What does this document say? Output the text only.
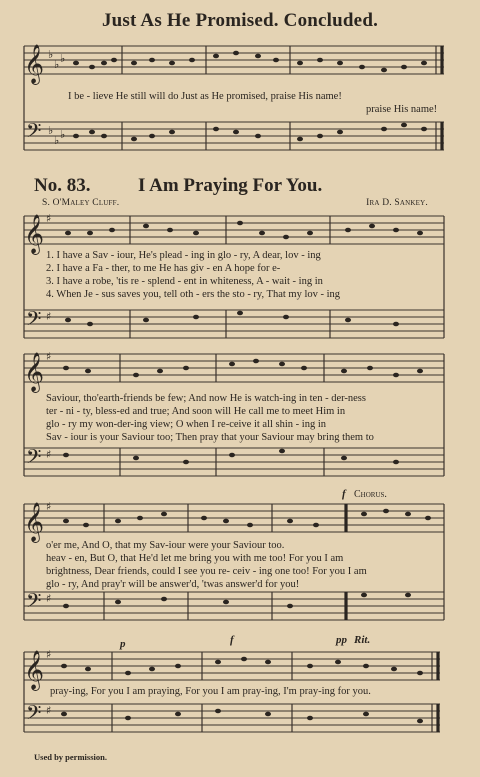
Just As He Promised. Concluded.
𝄞
𝄢
♭
♭ ♭
♭
♭ ♭
I be - lieve He still will do Just as He promised, praise His name!
praise His name!
No. 83.	I Am Praying For You.
S. O'Maley Cluff.	Ira D. Sankey.
𝄞
𝄢
♯
♯
1. I have a Sav - iour, He's plead - ing in glo - ry, A dear, lov - ing
2. I have a Fa - ther, to me He has giv - en A hope for e-
3. I have a robe, 'tis re - splend - ent in whiteness, A - wait - ing in
4. When Je - sus saves you, tell oth - ers the sto - ry, That my lov - ing
𝄞
𝄢
♯
♯
Saviour, tho'earth-friends be few; And now He is watch-ing in ten - der-ness
ter - ni - ty, bless-ed and true; And soon will He call me to meet Him in
glo - ry my won-der-ing view; O when I re-ceive it all shin - ing in
Sav - iour is your Saviour too; Then pray that your Saviour may bring them to
f Chorus.
𝄞
𝄢
♯
♯
o'er me, And O, that my Sav-iour were your Saviour too.
heav - en, But O, that He'd let me bring you with me too! For you I am
brightness, Dear friends, could I see you re- ceiv - ing one too! For you I am
glo - ry, And pray'r will be answer'd, 'twas answer'd for you!
p	f	pp Rit.
𝄞
𝄢
♯
♯
pray-ing, For you I am praying, For you I am pray-ing, I'm pray-ing for you.
Used by permission.
